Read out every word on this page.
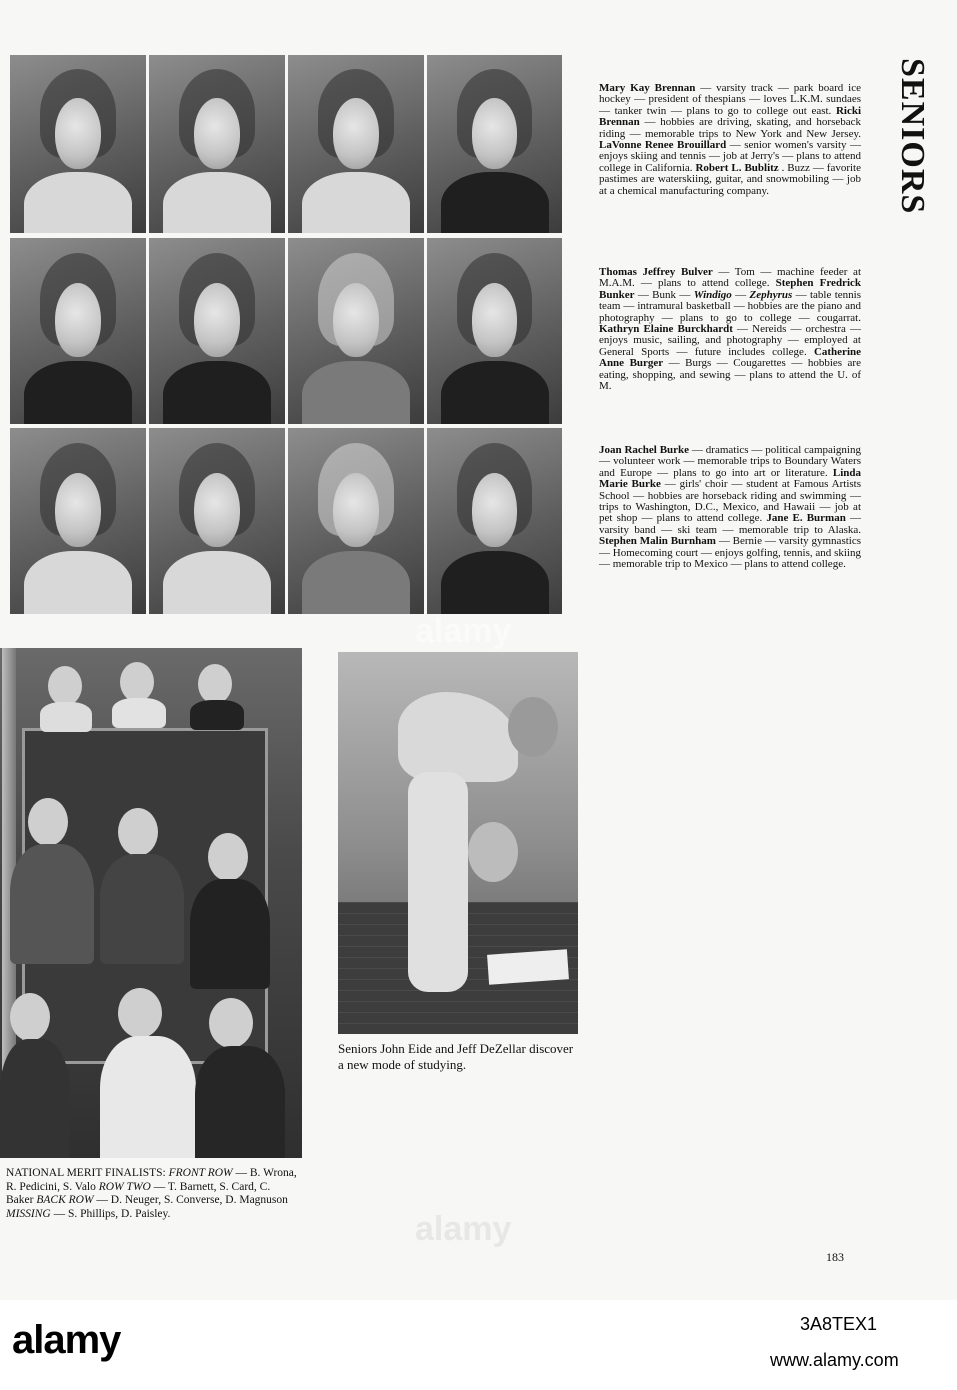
SENIORS
Mary Kay Brennan — varsity track — park board ice hockey — president of thespians — loves L.K.M. sundaes — tanker twin — plans to go to college out east. Ricki Brennan — hobbies are driving, skating, and horseback riding — memorable trips to New York and New Jersey. LaVonne Renee Brouillard — senior women's varsity — enjoys skiing and tennis — job at Jerry's — plans to attend college in California. Robert L. Bublitz . Buzz — favorite pastimes are waterskiing, guitar, and snowmobiling — job at a chemical manufacturing company.
Thomas Jeffrey Bulver — Tom — machine feeder at M.A.M. — plans to attend college. Stephen Fredrick Bunker — Bunk — Windigo — Zephyrus — table tennis team — intramural basketball — hobbies are the piano and photography — plans to go to college — cougarrat. Kathryn Elaine Burckhardt — Nereids — orchestra — enjoys music, sailing, and photography — employed at General Sports — future includes college. Catherine Anne Burger — Burgs — Cougarettes — hobbies are eating, shopping, and sewing — plans to attend the U. of M.
Joan Rachel Burke — dramatics — political campaigning — volunteer work — memorable trips to Boundary Waters and Europe — plans to go into art or literature. Linda Marie Burke — girls' choir — student at Famous Artists School — hobbies are horseback riding and swimming — trips to Washington, D.C., Mexico, and Hawaii — job at pet shop — plans to attend college. Jane E. Burman — varsity band — ski team — memorable trip to Alaska. Stephen Malin Burnham — Bernie — varsity gymnastics — Homecoming court — enjoys golfing, tennis, and skiing — memorable trip to Mexico — plans to attend college.
Seniors John Eide and Jeff DeZellar discover a new mode of studying.
NATIONAL MERIT FINALISTS: FRONT ROW — B. Wrona, R. Pedicini, S. Valo ROW TWO — T. Barnett, S. Card, C. Baker BACK ROW — D. Neuger, S. Converse, D. Magnuson MISSING — S. Phillips, D. Paisley.
183
alamy
alamy
alamy	3A8TEX1
www.alamy.com
